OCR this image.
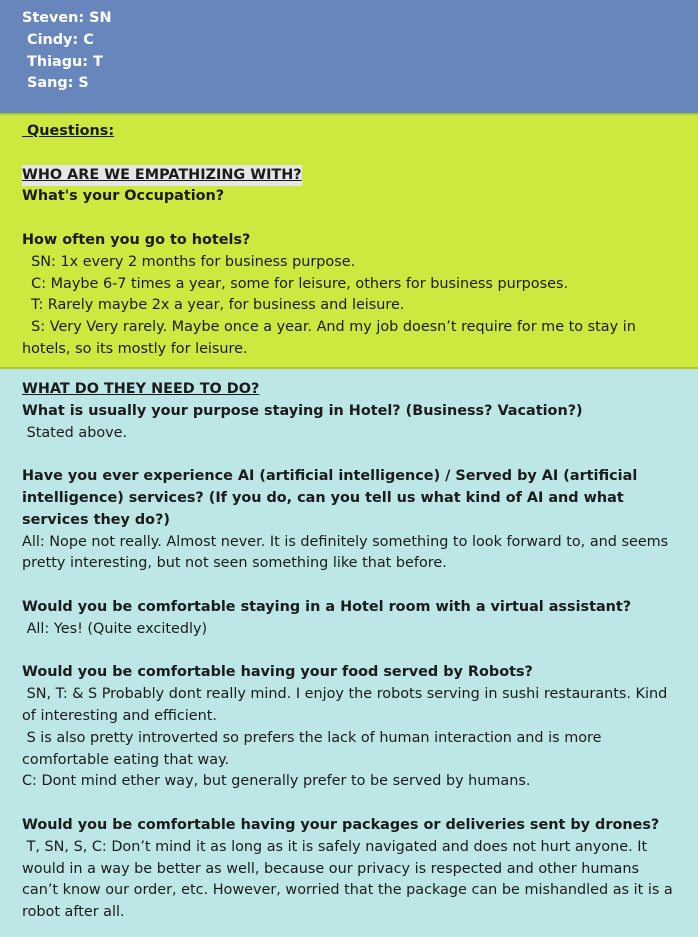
Steven: SN

Cindy: C

Thiagu: T

Sang: S

Questions:

WHO ARE WE EMPATHIZING WITH?

What's your Occupation?

How often you go to hotels?

SN: 1x every 2 months for business purpose.

C: Maybe 6-7 times a year, some for leisure, others for business purposes.

T: Rarely maybe 2x a year, for business and leisure.

S: Very Very rarely. Maybe once a year. And my job doesn’t require for me to stay in hotels, so its mostly for leisure.

WHAT DO THEY NEED TO DO?

What is usually your purpose staying in Hotel? (Business? Vacation?)

Stated above.

Have you ever experience AI (artificial intelligence) / Served by AI (artificial intelligence) services? (If you do, can you tell us what kind of AI and what services they do?)

All: Nope not really. Almost never. It is definitely something to look forward to, and seems pretty interesting, but not seen something like that before.

Would you be comfortable staying in a Hotel room with a virtual assistant?

All: Yes! (Quite excitedly)

Would you be comfortable having your food served by Robots?

SN, T: & S Probably dont really mind. I enjoy the robots serving in sushi restaurants. Kind of interesting and efficient.

S is also pretty introverted so prefers the lack of human interaction and is more comfortable eating that way.

C: Dont mind ether way, but generally prefer to be served by humans.

Would you be comfortable having your packages or deliveries sent by drones?

T, SN, S, C: Don’t mind it as long as it is safely navigated and does not hurt anyone. It would in a way be better as well, because our privacy is respected and other humans can’t know our order, etc. However, worried that the package can be mishandled as it is a robot after all.
